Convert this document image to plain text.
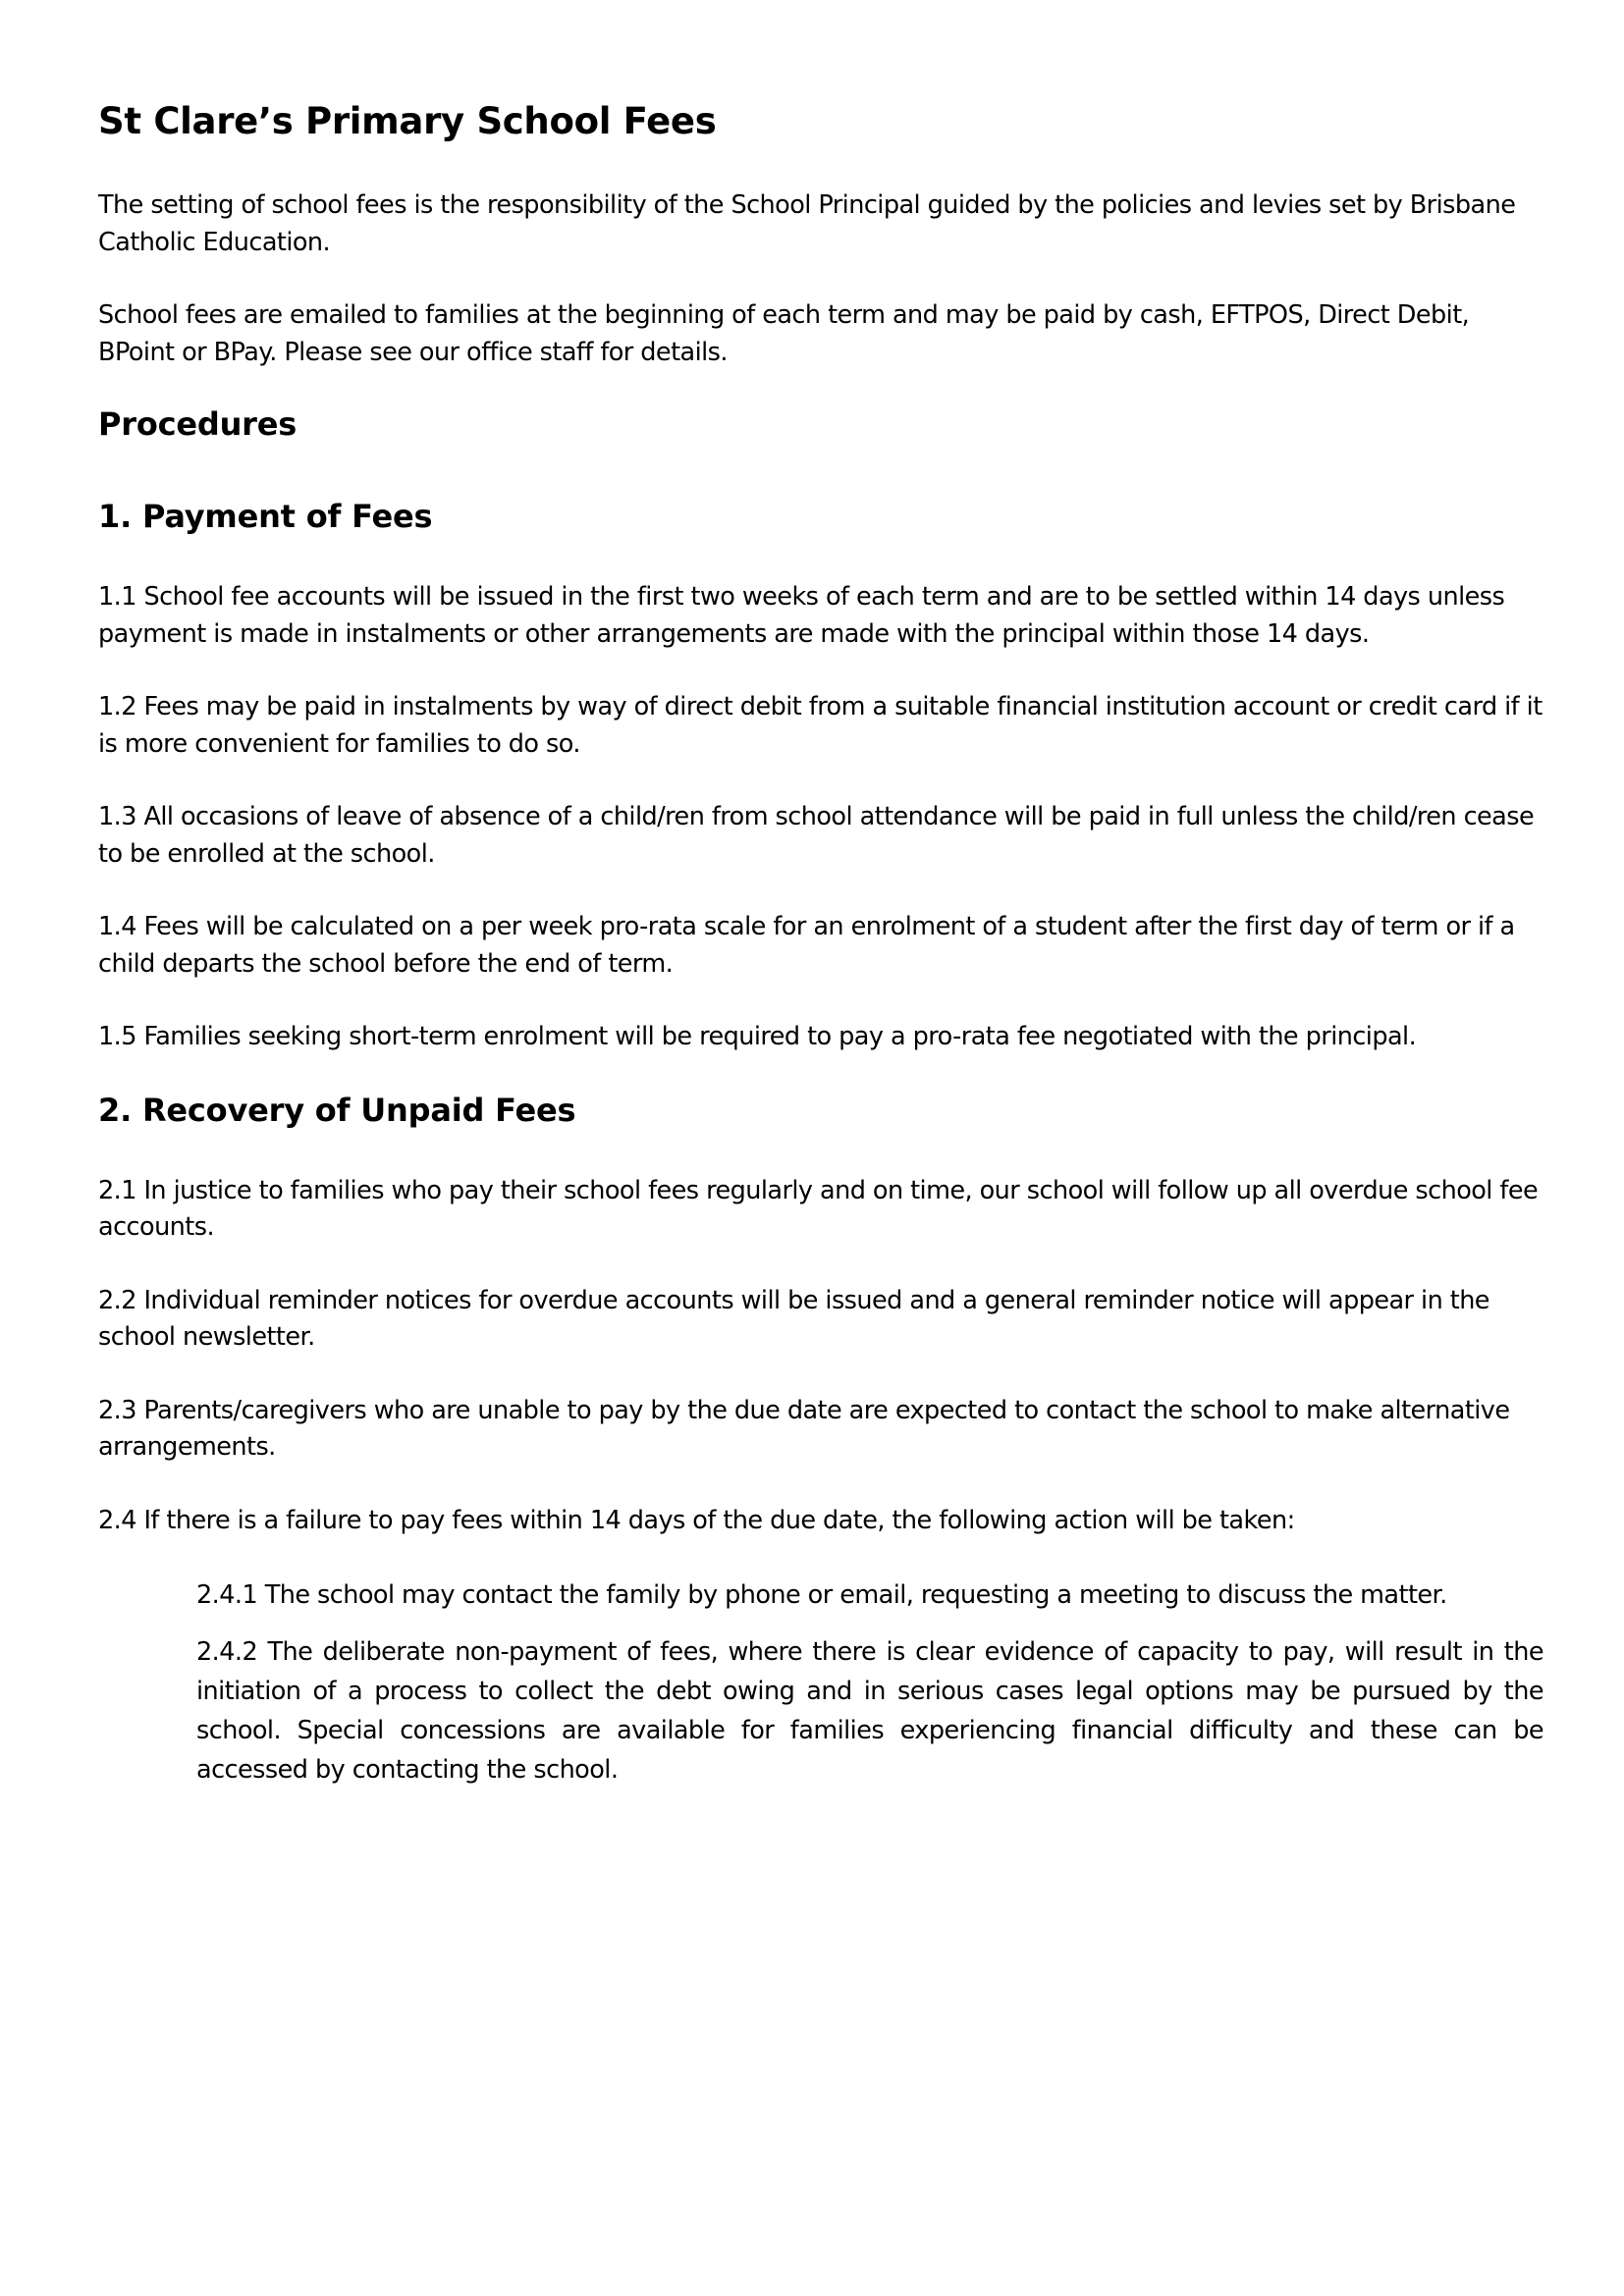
St Clare’s Primary School Fees

The setting of school fees is the responsibility of the School Principal guided by the policies and levies set by Brisbane Catholic Education.

School fees are emailed to families at the beginning of each term and may be paid by cash, EFTPOS, Direct Debit, BPoint or BPay. Please see our office staff for details.

Procedures
1. Payment of Fees

1.1 School fee accounts will be issued in the first two weeks of each term and are to be settled within 14 days unless payment is made in instalments or other arrangements are made with the principal within those 14 days.

1.2 Fees may be paid in instalments by way of direct debit from a suitable financial institution account or credit card if it is more convenient for families to do so.

1.3 All occasions of leave of absence of a child/ren from school attendance will be paid in full unless the child/ren cease to be enrolled at the school.

1.4 Fees will be calculated on a per week pro-rata scale for an enrolment of a student after the first day of term or if a child departs the school before the end of term.

1.5 Families seeking short-term enrolment will be required to pay a pro-rata fee negotiated with the principal.

2. Recovery of Unpaid Fees

2.1 In justice to families who pay their school fees regularly and on time, our school will follow up all overdue school fee accounts.

2.2 Individual reminder notices for overdue accounts will be issued and a general reminder notice will appear in the school newsletter.

2.3 Parents/caregivers who are unable to pay by the due date are expected to contact the school to make alternative arrangements.

2.4 If there is a failure to pay fees within 14 days of the due date, the following action will be taken:

2.4.1 The school may contact the family by phone or email, requesting a meeting to discuss the matter.

2.4.2 The deliberate non-payment of fees, where there is clear evidence of capacity to pay, will result in the initiation of a process to collect the debt owing and in serious cases legal options may be pursued by the school. Special concessions are available for families experiencing financial difficulty and these can be accessed by contacting the school.
